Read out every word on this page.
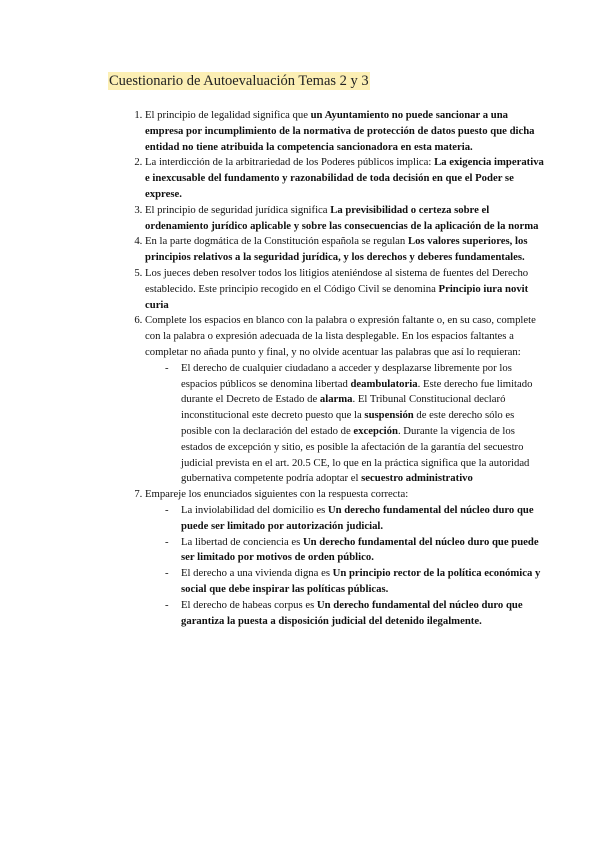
Cuestionario de Autoevaluación Temas 2 y 3
1. El principio de legalidad significa que un Ayuntamiento no puede sancionar a una empresa por incumplimiento de la normativa de protección de datos puesto que dicha entidad no tiene atribuida la competencia sancionadora en esta materia.
2. La interdicción de la arbitrariedad de los Poderes públicos implica: La exigencia imperativa e inexcusable del fundamento y razonabilidad de toda decisión en que el Poder se exprese.
3. El principio de seguridad jurídica significa La previsibilidad o certeza sobre el ordenamiento jurídico aplicable y sobre las consecuencias de la aplicación de la norma
4. En la parte dogmática de la Constitución española se regulan Los valores superiores, los principios relativos a la seguridad jurídica, y los derechos y deberes fundamentales.
5. Los jueces deben resolver todos los litigios ateniéndose al sistema de fuentes del Derecho establecido. Este principio recogido en el Código Civil se denomina Principio iura novit curia
6. Complete los espacios en blanco con la palabra o expresión faltante o, en su caso, complete con la palabra o expresión adecuada de la lista desplegable. En los espacios faltantes a completar no añada punto y final, y no olvide acentuar las palabras que así lo requieran:
- El derecho de cualquier ciudadano a acceder y desplazarse libremente por los espacios públicos se denomina libertad deambulatoria. Este derecho fue limitado durante el Decreto de Estado de alarma. El Tribunal Constitucional declaró inconstitucional este decreto puesto que la suspensión de este derecho sólo es posible con la declaración del estado de excepción. Durante la vigencia de los estados de excepción y sitio, es posible la afectación de la garantía del secuestro judicial prevista en el art. 20.5 CE, lo que en la práctica significa que la autoridad gubernativa competente podría adoptar el secuestro administrativo
7. Empareje los enunciados siguientes con la respuesta correcta:
- La inviolabilidad del domicilio es Un derecho fundamental del núcleo duro que puede ser limitado por autorización judicial.
- La libertad de conciencia es Un derecho fundamental del núcleo duro que puede ser limitado por motivos de orden público.
- El derecho a una vivienda digna es Un principio rector de la política económica y social que debe inspirar las políticas públicas.
- El derecho de habeas corpus es Un derecho fundamental del núcleo duro que garantiza la puesta a disposición judicial del detenido ilegalmente.
